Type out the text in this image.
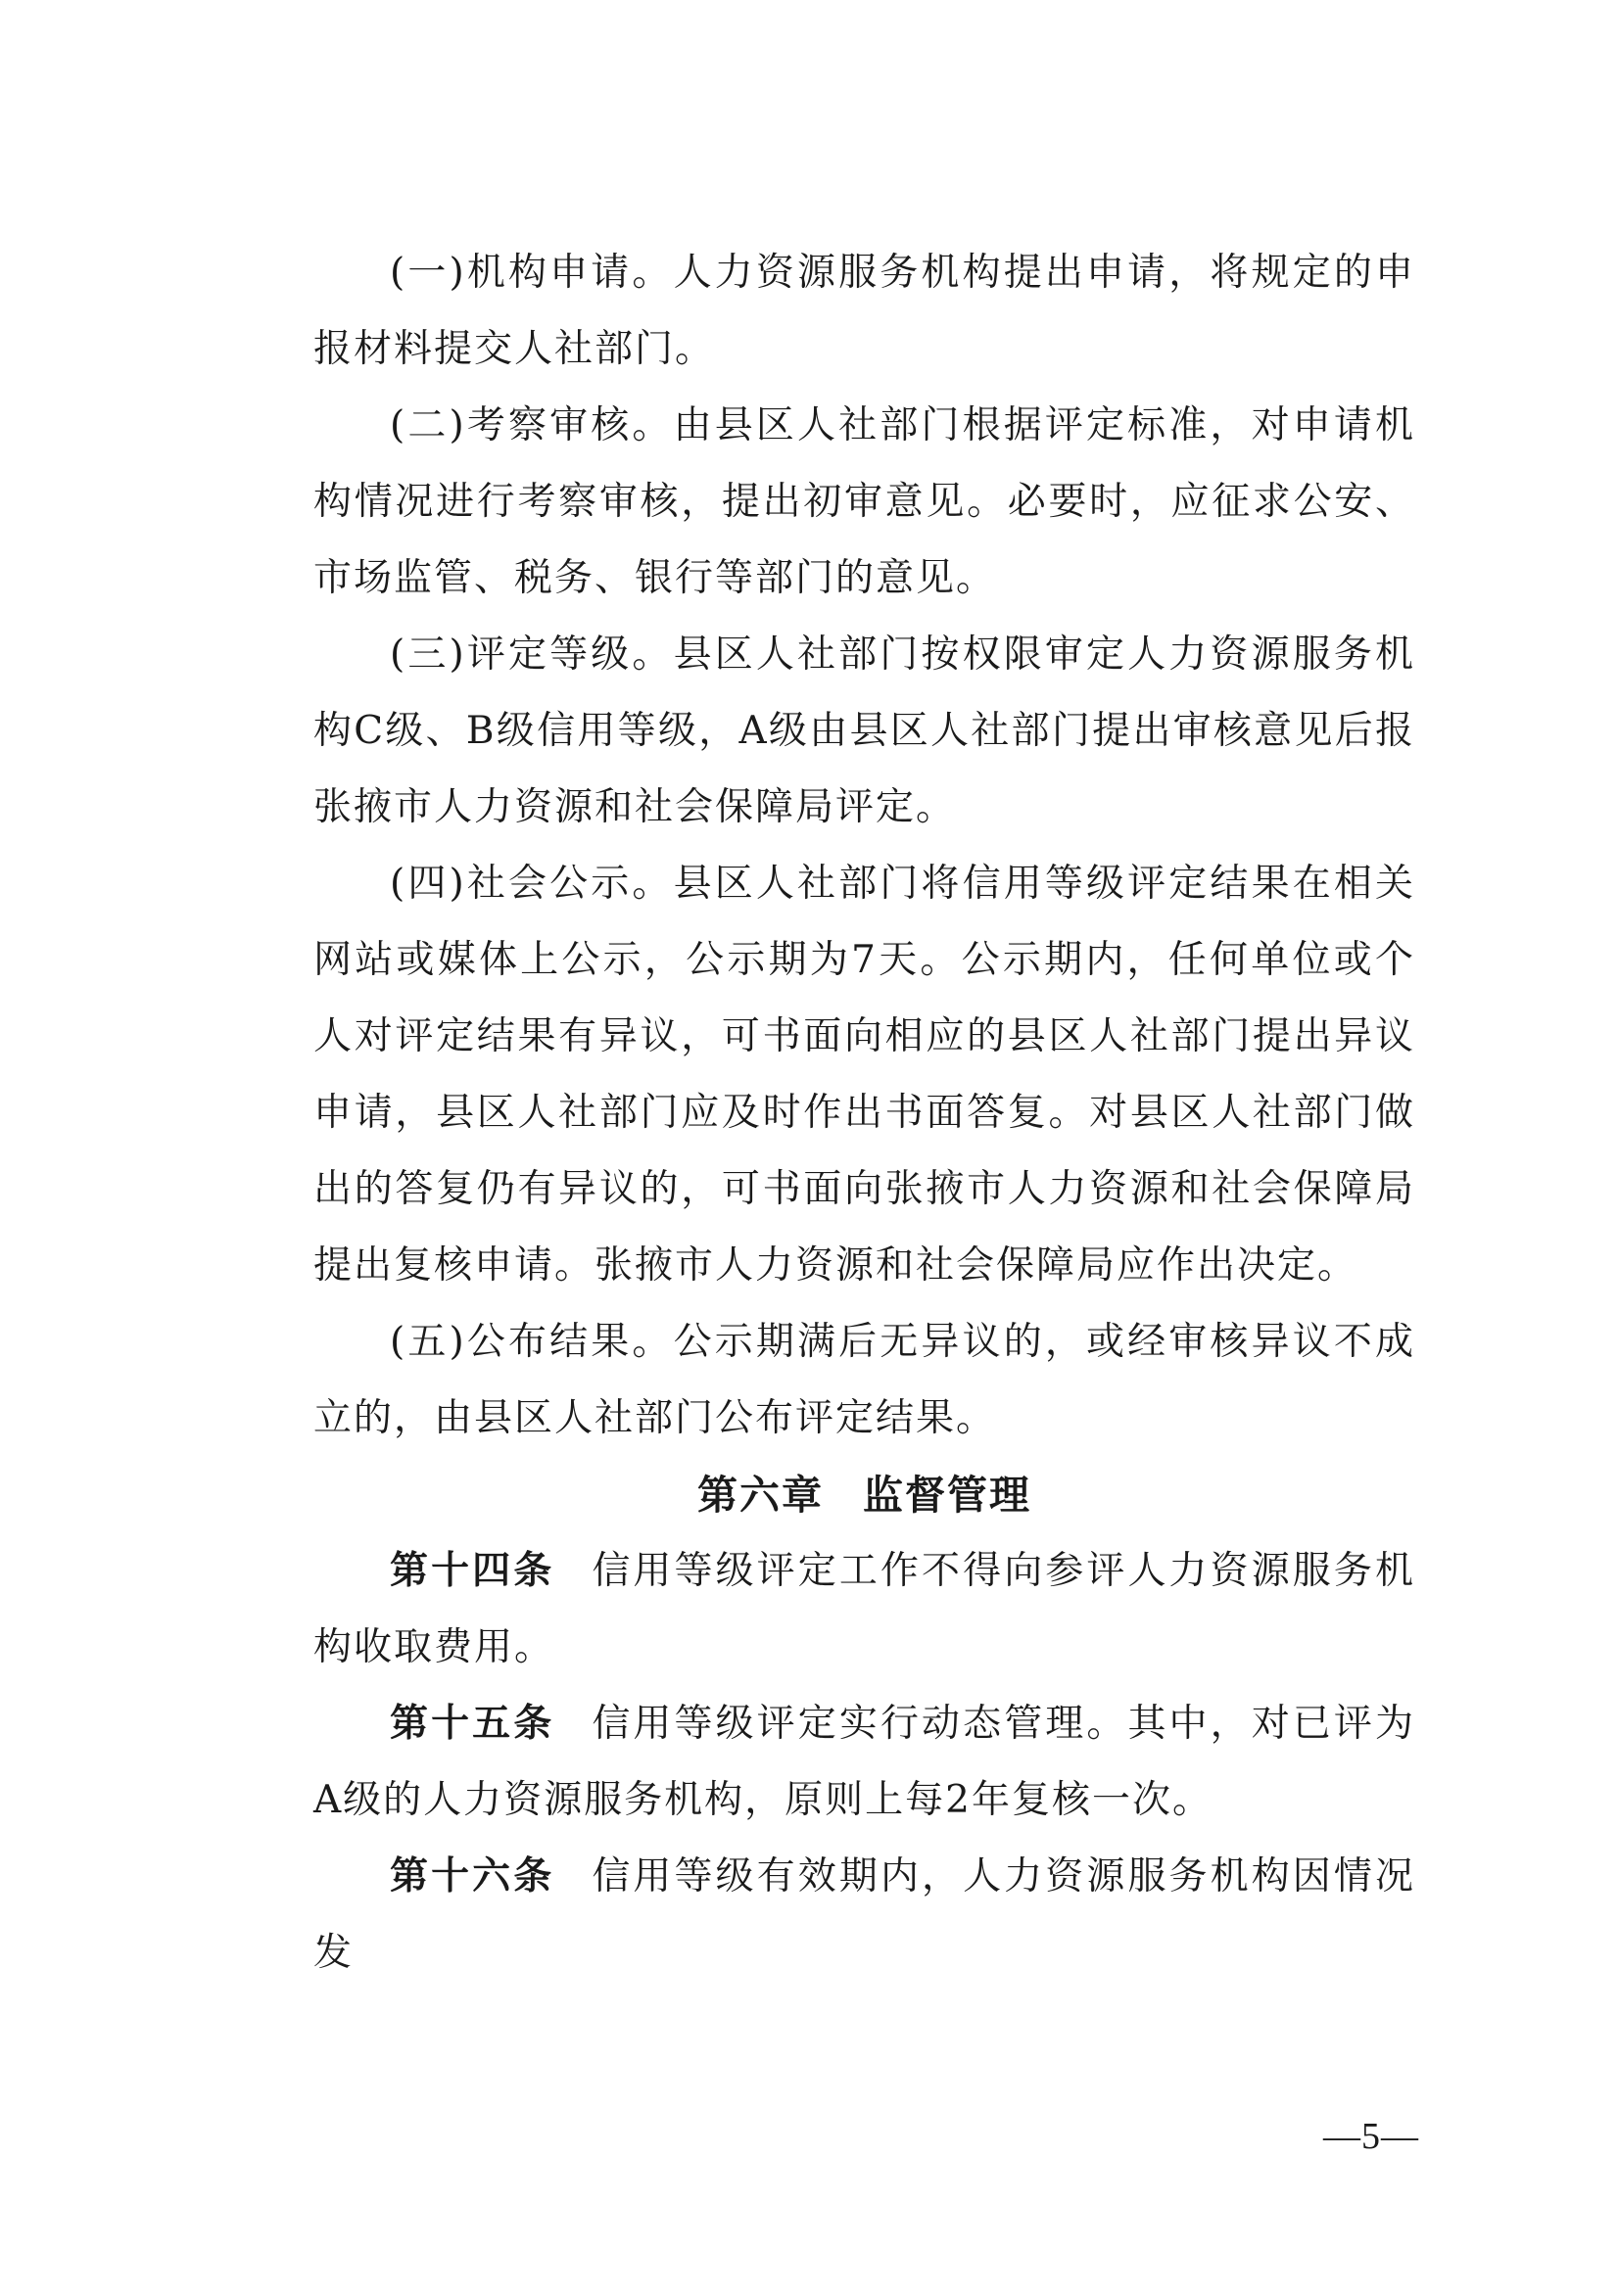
(一)机构申请。人力资源服务机构提出申请，将规定的申报材料提交人社部门。

(二)考察审核。由县区人社部门根据评定标准，对申请机构情况进行考察审核，提出初审意见。必要时，应征求公安、市场监管、税务、银行等部门的意见。

(三)评定等级。县区人社部门按权限审定人力资源服务机构C级、B级信用等级，A级由县区人社部门提出审核意见后报张掖市人力资源和社会保障局评定。

(四)社会公示。县区人社部门将信用等级评定结果在相关网站或媒体上公示，公示期为7天。公示期内，任何单位或个人对评定结果有异议，可书面向相应的县区人社部门提出异议申请，县区人社部门应及时作出书面答复。对县区人社部门做出的答复仍有异议的，可书面向张掖市人力资源和社会保障局提出复核申请。张掖市人力资源和社会保障局应作出决定。

(五)公布结果。公示期满后无异议的，或经审核异议不成立的，由县区人社部门公布评定结果。

第六章 监督管理

第十四条 信用等级评定工作不得向参评人力资源服务机构收取费用。

第十五条 信用等级评定实行动态管理。其中，对已评为A级的人力资源服务机构，原则上每2年复核一次。

第十六条 信用等级有效期内，人力资源服务机构因情况发

—5—
